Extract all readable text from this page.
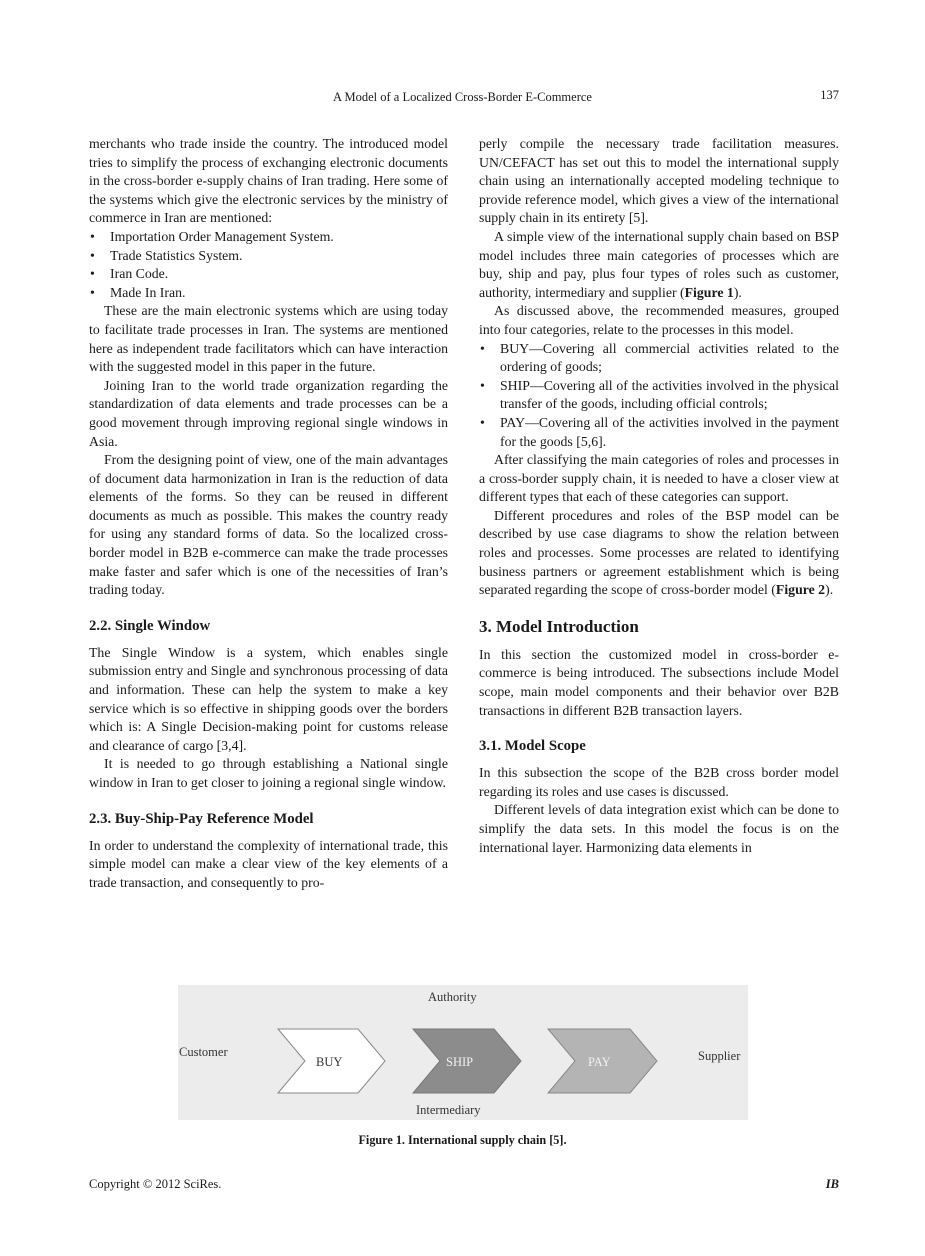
A Model of a Localized Cross-Border E-Commerce	137

merchants who trade inside the country. The introduced model tries to simplify the process of exchanging electronic documents in the cross-border e-supply chains of Iran trading. Here some of the systems which give the electronic services by the ministry of commerce in Iran are mentioned:

• Importation Order Management System.
• Trade Statistics System.
• Iran Code.
• Made In Iran.

These are the main electronic systems which are using today to facilitate trade processes in Iran. The systems are mentioned here as independent trade facilitators which can have interaction with the suggested model in this paper in the future.

Joining Iran to the world trade organization regarding the standardization of data elements and trade processes can be a good movement through improving regional single windows in Asia.

From the designing point of view, one of the main advantages of document data harmonization in Iran is the reduction of data elements of the forms. So they can be reused in different documents as much as possible. This makes the country ready for using any standard forms of data. So the localized cross-border model in B2B e-commerce can make the trade processes make faster and safer which is one of the necessities of Iran’s trading today.

2.2. Single Window

The Single Window is a system, which enables single submission entry and Single and synchronous processing of data and information. These can help the system to make a key service which is so effective in shipping goods over the borders which is: A Single Decision-making point for customs release and clearance of cargo [3,4].

It is needed to go through establishing a National single window in Iran to get closer to joining a regional single window.

2.3. Buy-Ship-Pay Reference Model

In order to understand the complexity of international trade, this simple model can make a clear view of the key elements of a trade transaction, and consequently to pro-

perly compile the necessary trade facilitation measures. UN/CEFACT has set out this to model the international supply chain using an internationally accepted modeling technique to provide reference model, which gives a view of the international supply chain in its entirety [5].

A simple view of the international supply chain based on BSP model includes three main categories of processes which are buy, ship and pay, plus four types of roles such as customer, authority, intermediary and supplier (Figure 1).

As discussed above, the recommended measures, grouped into four categories, relate to the processes in this model.

• BUY—Covering all commercial activities related to the ordering of goods;
• SHIP—Covering all of the activities involved in the physical transfer of the goods, including official controls;
• PAY—Covering all of the activities involved in the payment for the goods [5,6].

After classifying the main categories of roles and processes in a cross-border supply chain, it is needed to have a closer view at different types that each of these categories can support.

Different procedures and roles of the BSP model can be described by use case diagrams to show the relation between roles and processes. Some processes are related to identifying business partners or agreement establishment which is being separated regarding the scope of cross-border model (Figure 2).

3. Model Introduction

In this section the customized model in cross-border e-commerce is being introduced. The subsections include Model scope, main model components and their behavior over B2B transactions in different B2B transaction layers.

3.1. Model Scope

In this subsection the scope of the B2B cross border model regarding its roles and use cases is discussed.

Different levels of data integration exist which can be done to simplify the data sets. In this model the focus is on the international layer. Harmonizing data elements in

Authority
Customer	Supplier
Intermediary
BUY	SHIP	PAY
Figure 1. International supply chain [5].
Copyright © 2012 SciRes.	IB
